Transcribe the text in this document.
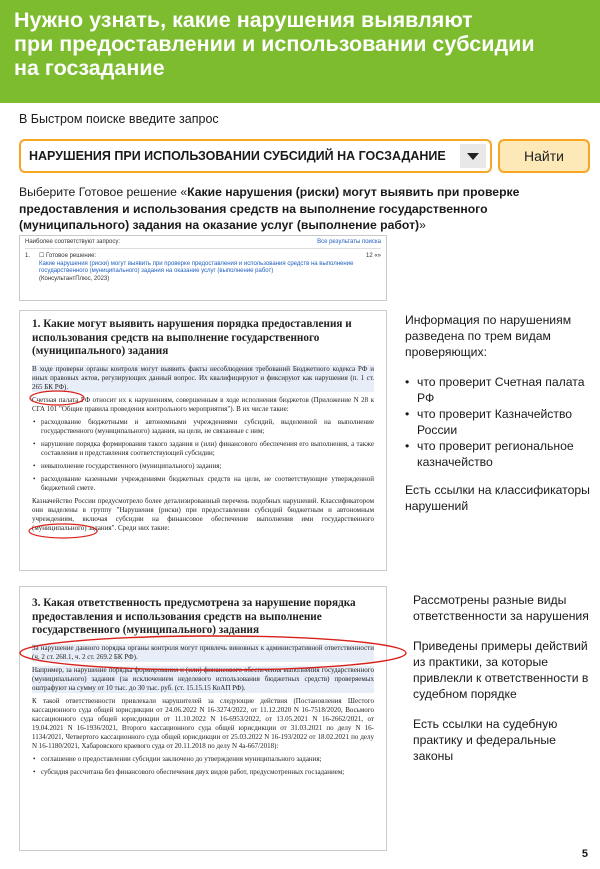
Нужно узнать, какие нарушения выявляют
при предоставлении и использовании субсидии
на госзадание
В Быстром поиске введите запрос
НАРУШЕНИЯ ПРИ ИСПОЛЬЗОВАНИИ СУБСИДИЙ НА ГОСЗАДАНИЕ	Найти
Выберите Готовое решение «Какие нарушения (риски) могут выявить при проверке предоставления и использования средств на выполнение государственного (муниципального) задания на оказание услуг (выполнение работ)»
Наиболее соответствуют запросу:	Все результаты поиска
1.	☐ Готовое решение:
Какие нарушения (риски) могут выявить при проверке предоставления и использования средств на выполнение государственного (муниципального) задания на оказание услуг (выполнение работ)
(КонсультантПлюс, 2023)
12 «»
1. Какие могут выявить нарушения порядка предоставления и использования средств на выполнение государственного (муниципального) задания

В ходе проверки органы контроля могут выявить факты несоблюдения требований Бюджетного кодекса РФ и иных правовых актов, регулирующих данный вопрос. Их квалифицируют и фиксируют как нарушения (п. 1 ст. 265 БК РФ).

Счетная палата РФ относит их к нарушениям, совершенным в ходе исполнения бюджетов (Приложение N 28 к СГА 101 "Общие правила проведения контрольного мероприятия"). В их числе такие:

• расходование бюджетными и автономными учреждениями субсидий, выделенной на выполнение государственного (муниципального) задания, на цели, не связанные с ним;
• нарушение порядка формирования такого задания и (или) финансового обеспечения его выполнения, а также составления и представления соответствующей субсидии;
• невыполнение государственного (муниципального) задания;
• расходование казенными учреждениями бюджетных средств на цели, не соответствующие утвержденной бюджетной смете.

Казначейство России предусмотрело более детализированный перечень подобных нарушений. Классификатором они выделены в группу "Нарушения (риски) при предоставлении субсидий бюджетным и автономным учреждениям, включая субсидии на финансовое обеспечение выполнения ими государственного (муниципального) задания". Среди них такие:

3. Какая ответственность предусмотрена за нарушение порядка предоставления и использования средств на выполнение государственного (муниципального) задания

За нарушение данного порядка органы контроля могут привлечь виновных к административной ответственности (ч. 2 ст. 268.1, ч. 2 ст. 269.2 БК РФ).

Например, за нарушение порядка формирования и (или) финансового обеспечения выполнения государственного (муниципального) задания (за исключением неделевого использования бюджетных средств) проверяемых оштрафуют на сумму от 10 тыс. до 30 тыс. руб. (ст. 15.15.15 КоАП РФ).

К такой ответственности привлекали нарушителей за следующие действия (Постановления Шестого кассационного суда общей юрисдикции от 24.06.2022 N 16-3274/2022, от 11.12.2020 N 16-7518/2020, Восьмого кассационного суда общей юрисдикции от 11.10.2022 N 16-6953/2022, от 13.05.2021 N 16-2662/2021, от 19.04.2021 N 16-1936/2021, Второго кассационного суда общей юрисдикции от 31.03.2021 по делу N 16-1134/2021, Четвертого кассационного суда общей юрисдикции от 25.03.2022 N 16-193/2022 от 18.02.2021 по делу N 16-1180/2021, Хабаровского краевого суда от 20.11.2018 по делу N 4а-667/2018):

• соглашение о предоставлении субсидии заключено до утверждения муниципального задания;
• субсидия рассчитана без финансового обеспечения двух видов работ, предусмотренных госзаданием;

Информация по нарушениям разведена по трем видам проверяющих:

• что проверит Счетная палата РФ
• что проверит Казначейство России
• что проверит региональное казначейство

Есть ссылки на классификаторы нарушений

Рассмотрены разные виды ответственности за нарушения

Приведены примеры действий из практики, за которые привлекли к ответственности в судебном порядке

Есть ссылки на судебную практику и федеральные законы

5
